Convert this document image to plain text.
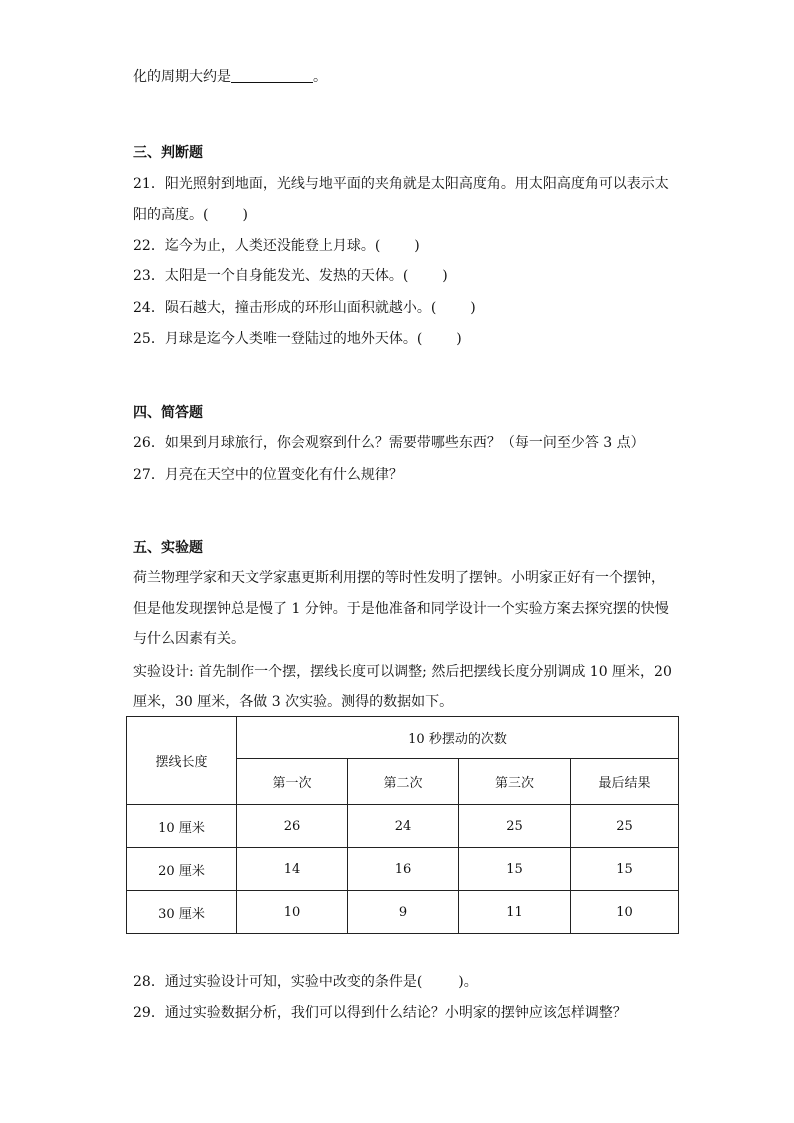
化的周期大约是	。
三、判断题
21．阳光照射到地面，光线与地平面的夹角就是太阳高度角。用太阳高度角可以表示太
阳的高度。( )
22．迄今为止，人类还没能登上月球。( )
23．太阳是一个自身能发光、发热的天体。( )
24．陨石越大，撞击形成的环形山面积就越小。( )
25．月球是迄今人类唯一登陆过的地外天体。( )
四、简答题
26．如果到月球旅行，你会观察到什么？需要带哪些东西？（每一问至少答 3 点）
27．月亮在天空中的位置变化有什么规律？
五、实验题
荷兰物理学家和天文学家惠更斯利用摆的等时性发明了摆钟。小明家正好有一个摆钟，
但是他发现摆钟总是慢了 1 分钟。于是他准备和同学设计一个实验方案去探究摆的快慢
与什么因素有关。
实验设计: 首先制作一个摆，摆线长度可以调整; 然后把摆线长度分别调成 10 厘米，20
厘米，30 厘米，各做 3 次实验。测得的数据如下。
摆线长度	10 秒摆动的次数			
	第一次	第二次	第三次	最后结果
10 厘米	26	24	25	25
20 厘米	14	16	15	15
30 厘米	10	9	11	10
28．通过实验设计可知，实验中改变的条件是(	)。
29．通过实验数据分析，我们可以得到什么结论？小明家的摆钟应该怎样调整？
